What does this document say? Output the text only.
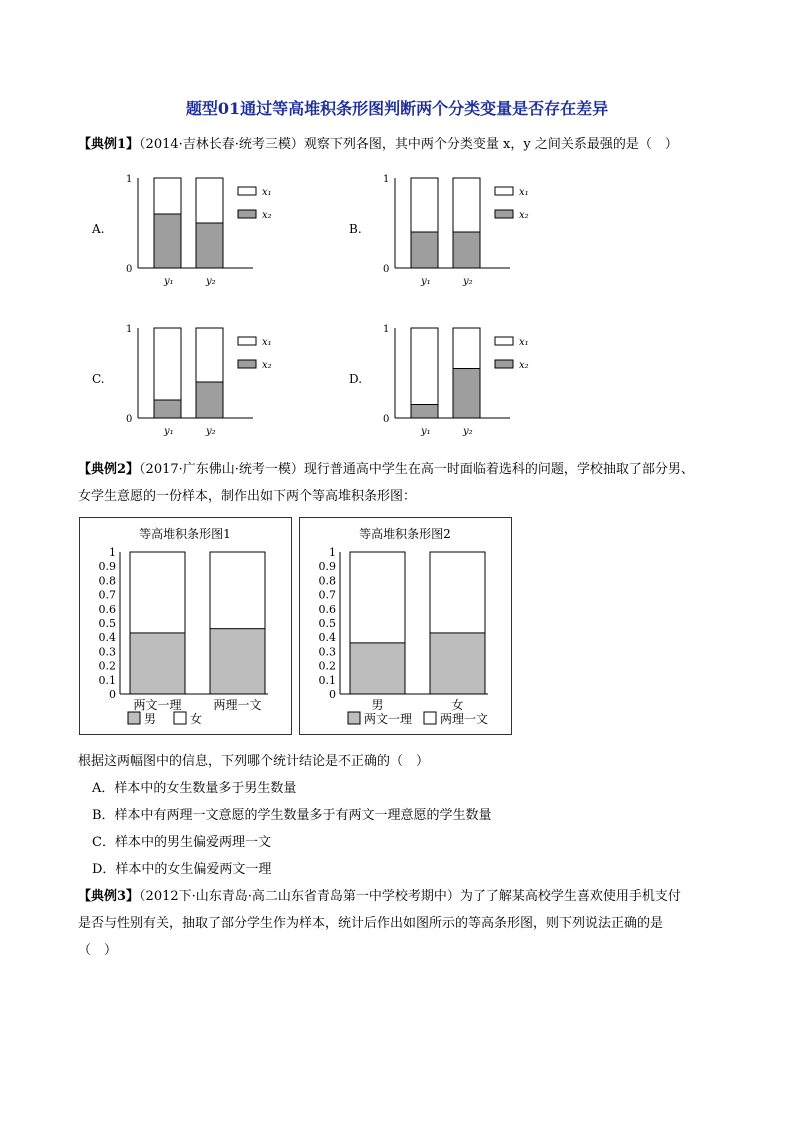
题型01通过等高堆积条形图判断两个分类变量是否存在差异
【典例1】（2014·吉林长春·统考三模）观察下列各图，其中两个分类变量 x，y 之间关系最强的是（　）
A.
1
0
y₁	y₂
x₁
x₂
B.
1
0
y₁	y₂
x₁
x₂
C.
1
0
y₁	y₂
x₁
x₂
D.
1
0
y₁	y₂
x₁
x₂
【典例2】（2017·广东佛山·统考一模）现行普通高中学生在高一时面临着选科的问题，学校抽取了部分男、
女学生意愿的一份样本，制作出如下两个等高堆积条形图：
等高堆积条形图1
0
0.1
0.2
0.3
0.4
0.5
0.6
0.7
0.8
0.9
1
两文一理	两理一文
男	女
等高堆积条形图2
0
0.1
0.2
0.3
0.4
0.5
0.6
0.7
0.8
0.9
1
男	女
两文一理 两理一文
根据这两幅图中的信息，下列哪个统计结论是不正确的（　）
A．样本中的女生数量多于男生数量
B．样本中有两理一文意愿的学生数量多于有两文一理意愿的学生数量
C．样本中的男生偏爱两理一文
D．样本中的女生偏爱两文一理
【典例3】（2012下·山东青岛·高二山东省青岛第一中学校考期中）为了了解某高校学生喜欢使用手机支付
是否与性别有关，抽取了部分学生作为样本，统计后作出如图所示的等高条形图，则下列说法正确的是
（　）
